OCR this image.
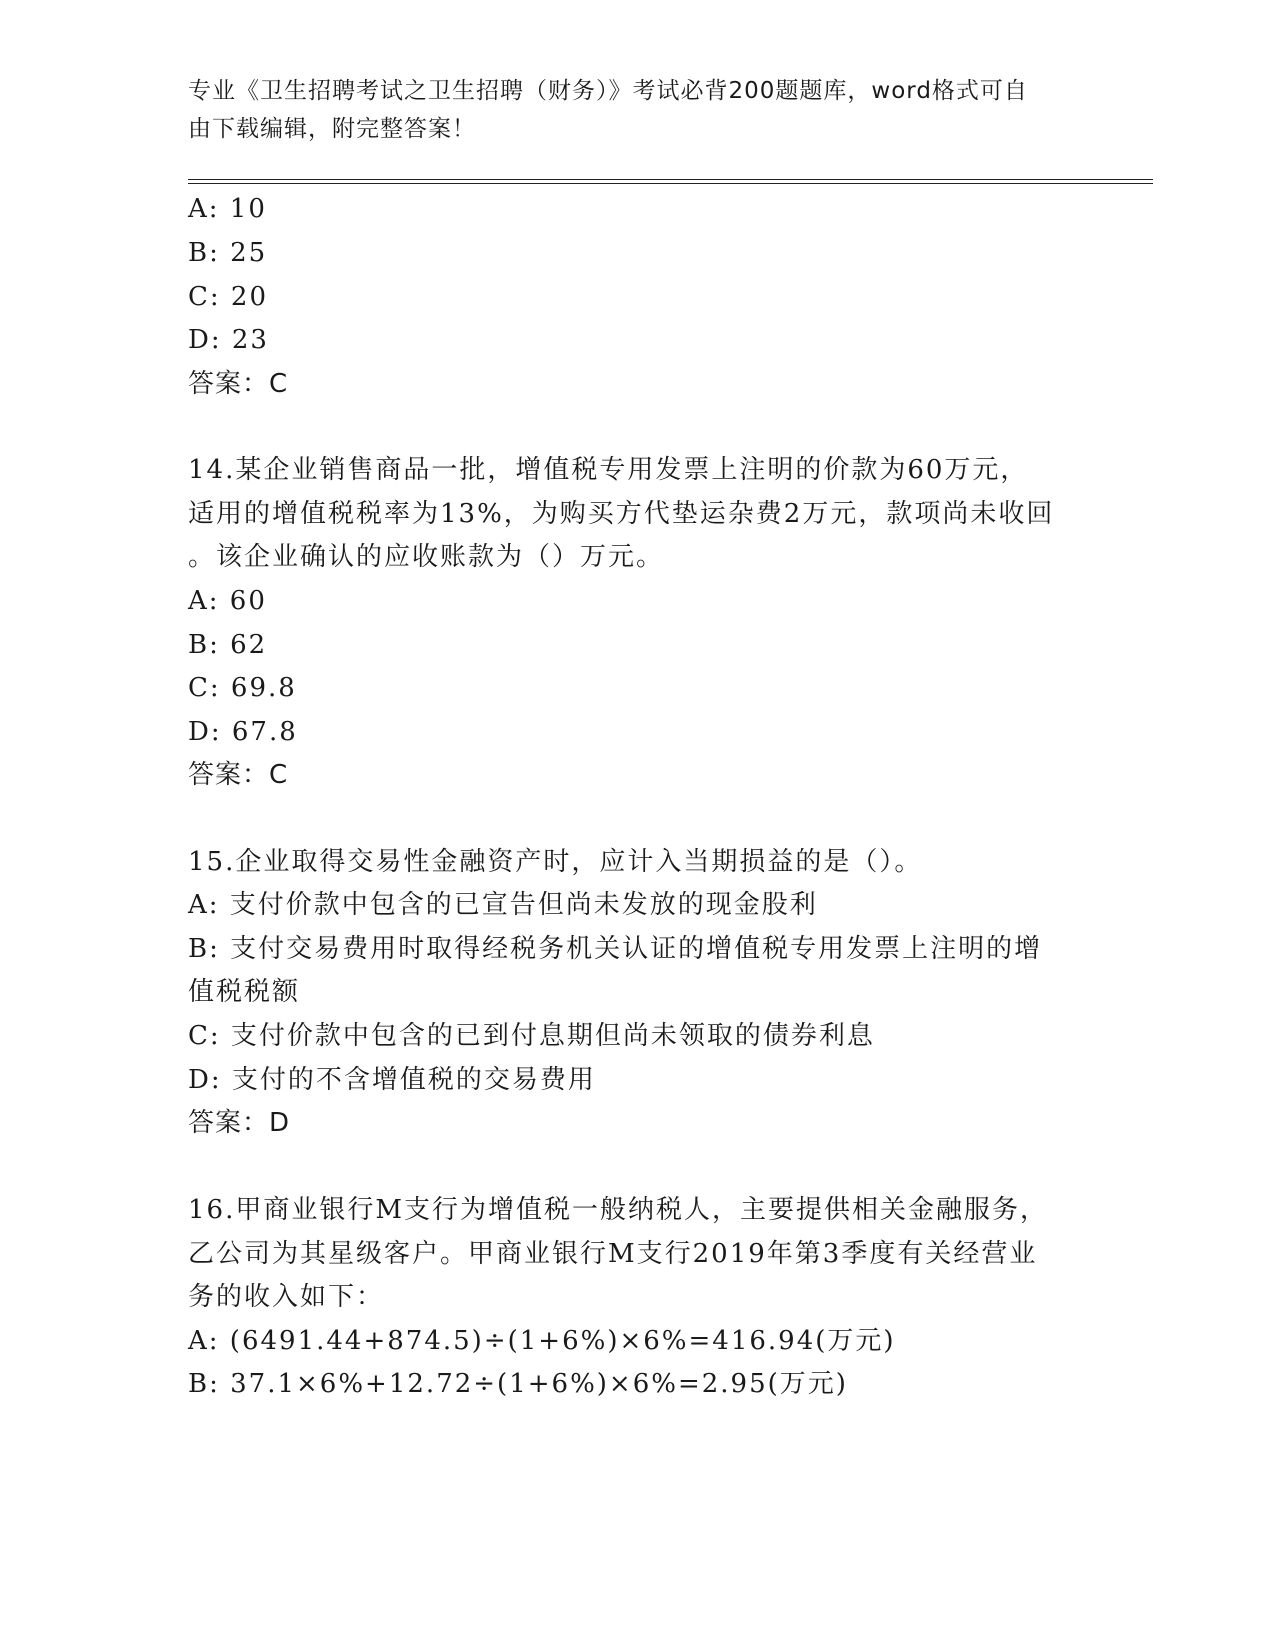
专业《卫生招聘考试之卫生招聘（财务）》考试必背200题题库，word格式可自
由下载编辑，附完整答案！
A: 10
B: 25
C: 20
D: 23
答案：C
14.某企业销售商品一批，增值税专用发票上注明的价款为60万元，
适用的增值税税率为13%，为购买方代垫运杂费2万元，款项尚未收回
。该企业确认的应收账款为（）万元。
A: 60
B: 62
C: 69.8
D: 67.8
答案：C
15.企业取得交易性金融资产时，应计入当期损益的是（）。
A: 支付价款中包含的已宣告但尚未发放的现金股利
B: 支付交易费用时取得经税务机关认证的增值税专用发票上注明的增
值税税额
C: 支付价款中包含的已到付息期但尚未领取的债券利息
D: 支付的不含增值税的交易费用
答案：D
16.甲商业银行M支行为增值税一般纳税人，主要提供相关金融服务，
乙公司为其星级客户。甲商业银行M支行2019年第3季度有关经营业
务的收入如下：
A: (6491.44+874.5)÷(1+6%)×6%=416.94(万元)
B: 37.1×6%+12.72÷(1+6%)×6%=2.95(万元)
